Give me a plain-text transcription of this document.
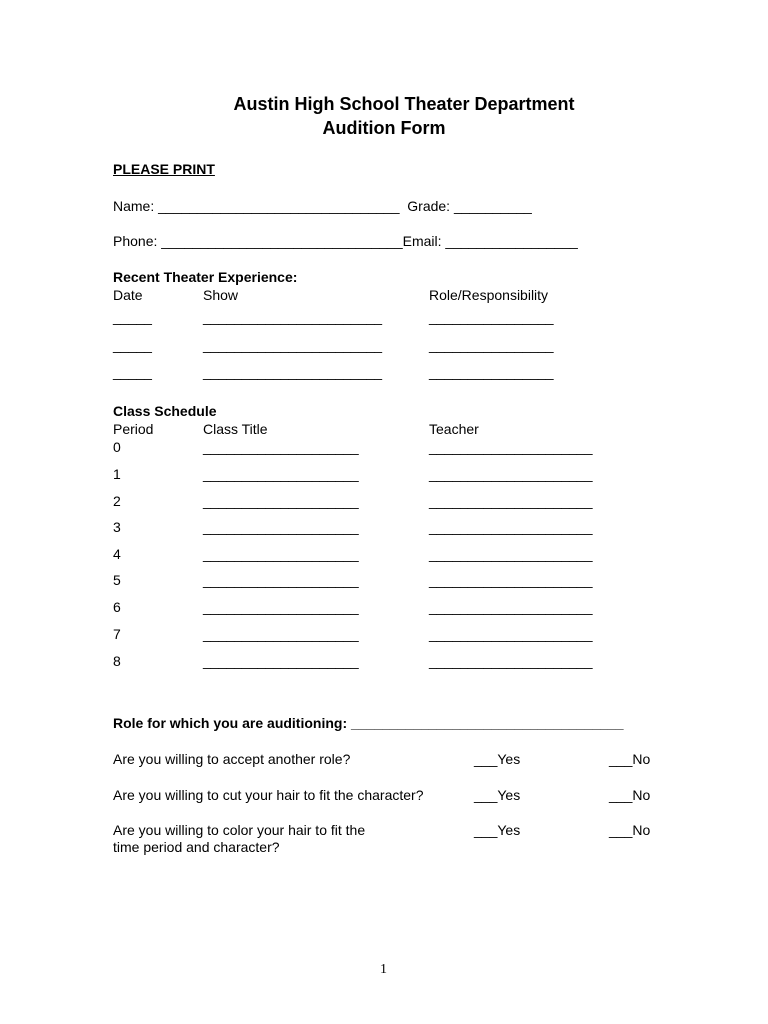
Austin High School Theater Department
Audition Form
PLEASE PRINT
Name: _______________________________  Grade: __________
Phone: _______________________________Email: _________________
Recent Theater Experience:
Date	Show	Role/Responsibility
_____	_______________________	________________
_____	_______________________	________________
_____	_______________________	________________
Class Schedule
Period	Class Title	Teacher
0	____________________	_____________________
1	____________________	_____________________
2	____________________	_____________________
3	____________________	_____________________
4	____________________	_____________________
5	____________________	_____________________
6	____________________	_____________________
7	____________________	_____________________
8	____________________	_____________________
Role for which you are auditioning: ___________________________________
Are you willing to accept another role?	___Yes	___No
Are you willing to cut your hair to fit the character?	___Yes	___No
Are you willing to color your hair to fit the
time period and character?
___Yes	___No
1
